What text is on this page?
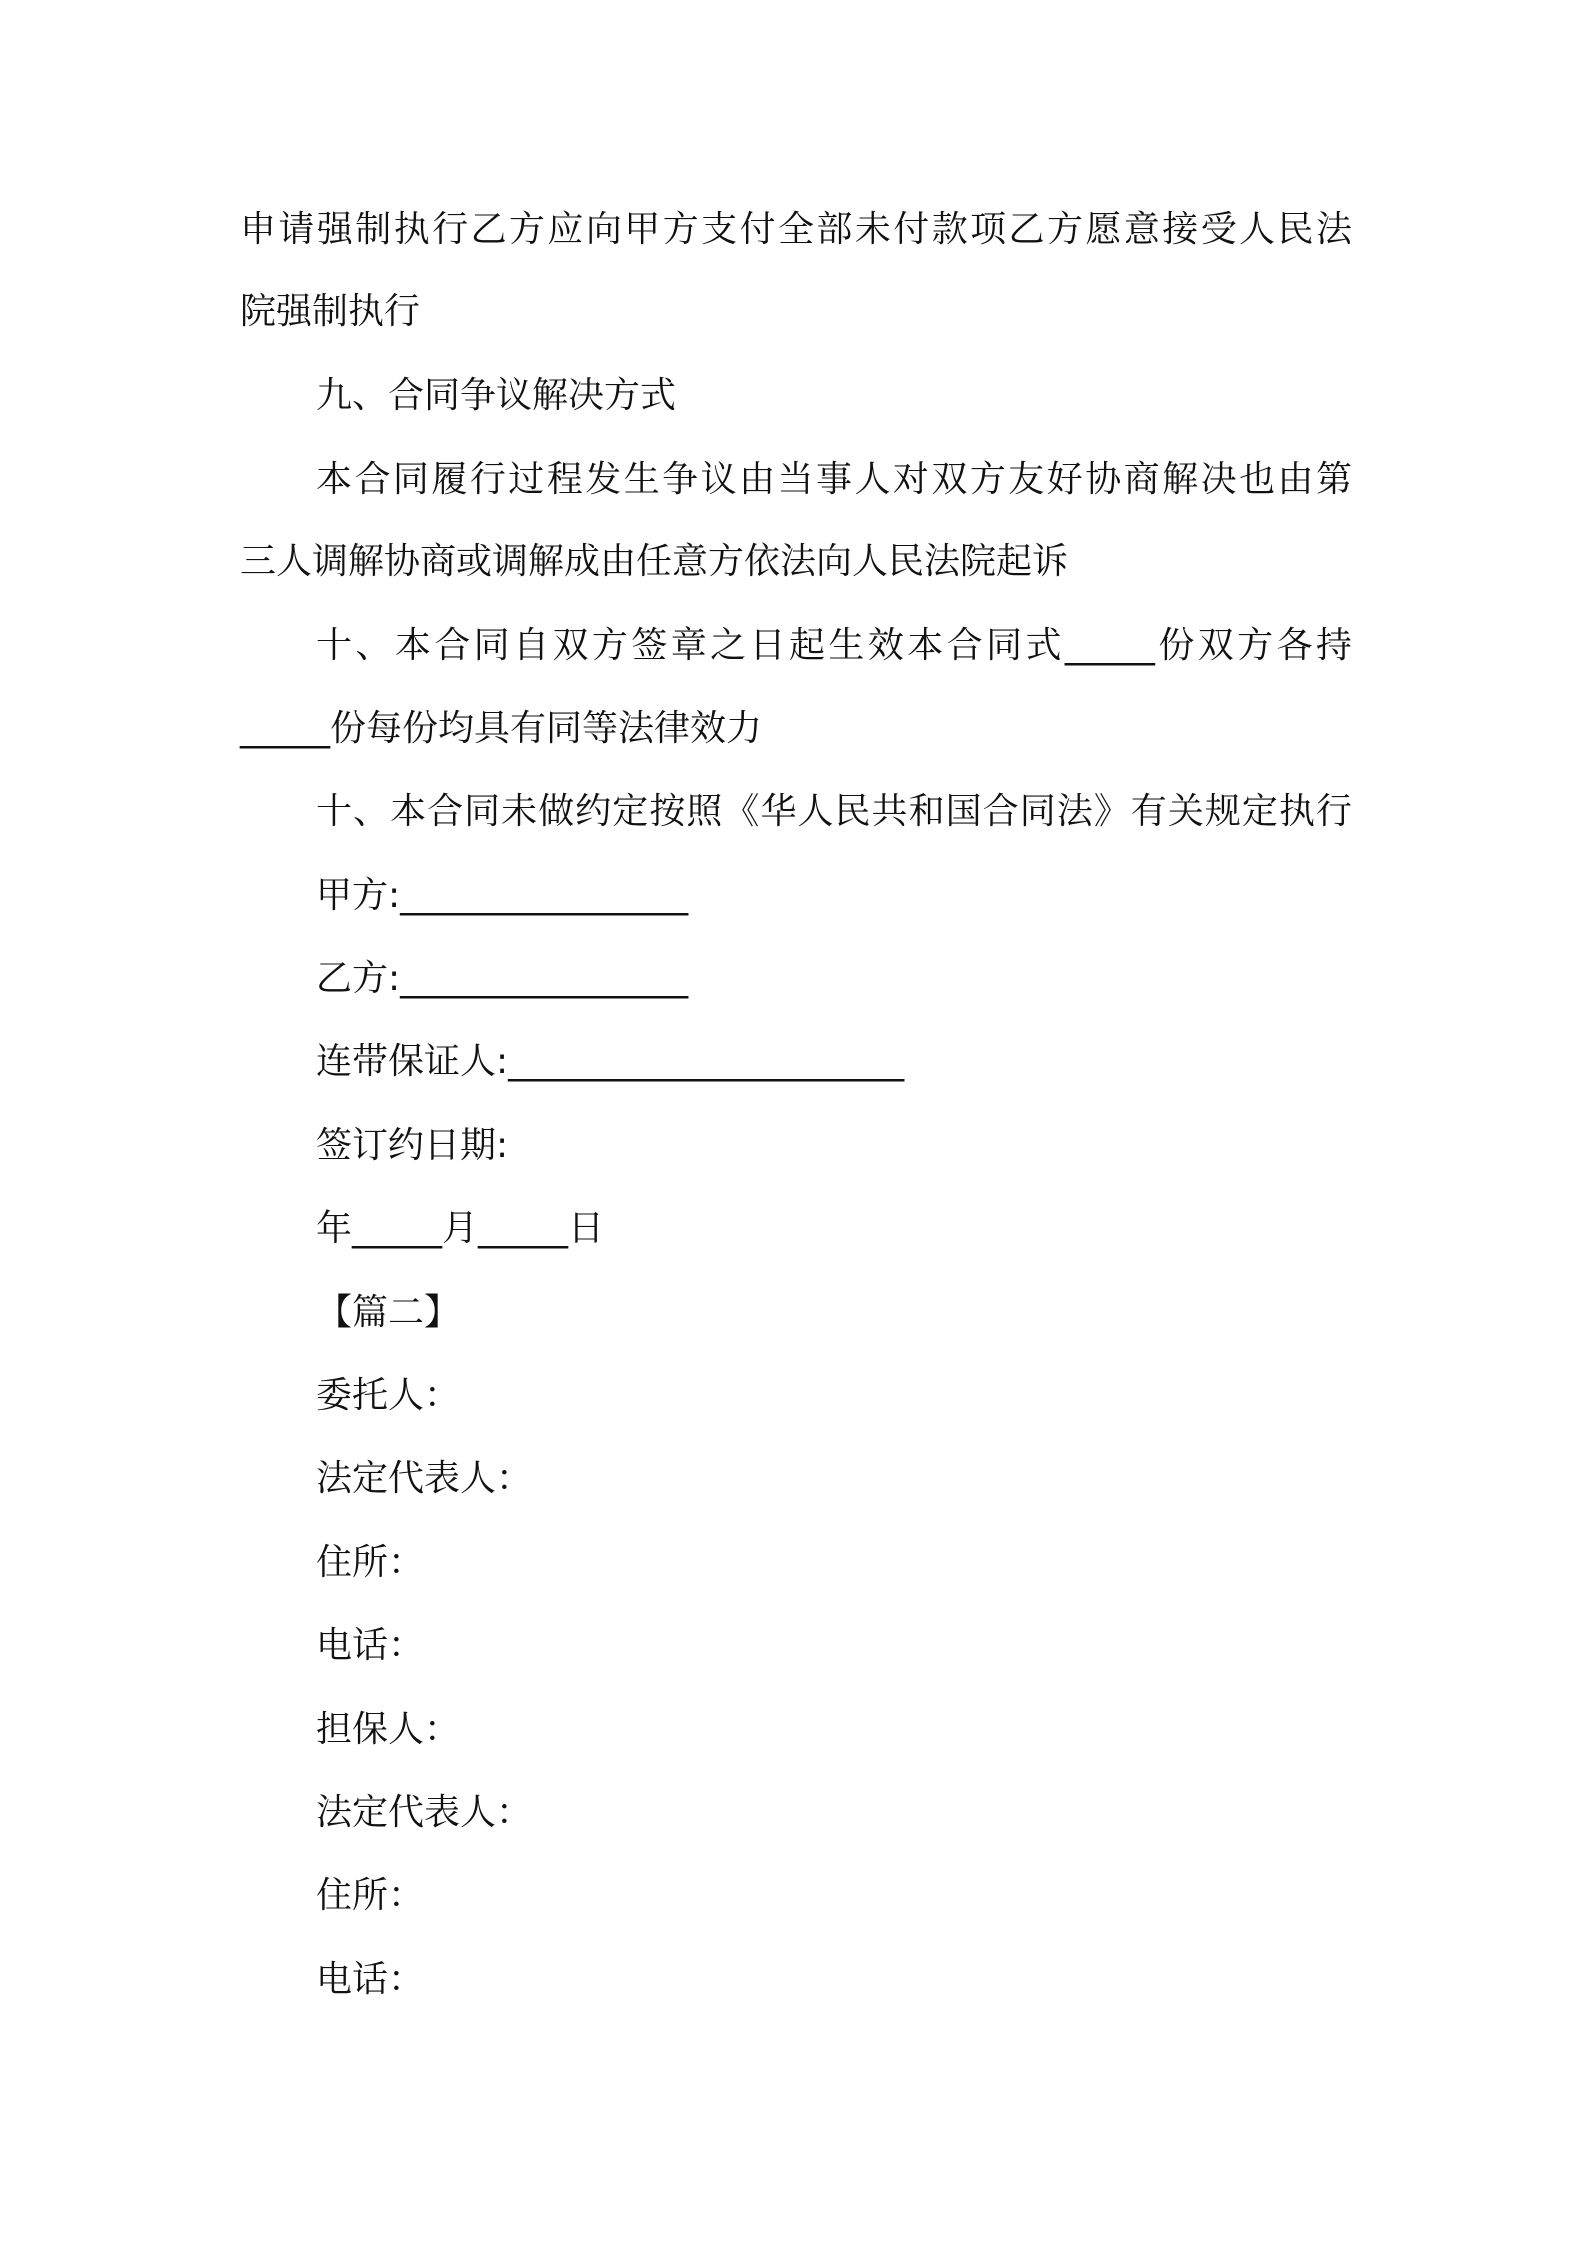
申请强制执行乙方应向甲方支付全部未付款项乙方愿意接受人民法
院强制执行
九、合同争议解决方式
本合同履行过程发生争议由当事人对双方友好协商解决也由第
三人调解协商或调解成由任意方依法向人民法院起诉
十、本合同自双方签章之日起生效本合同式_____份双方各持
_____份每份均具有同等法律效力
十、本合同未做约定按照《华人民共和国合同法》有关规定执行
甲方:________________
乙方:________________
连带保证人:______________________
签订约日期:
年_____月_____日
【篇二】
委托人：
法定代表人：
住所：
电话：
担保人：
法定代表人：
住所：
电话：
